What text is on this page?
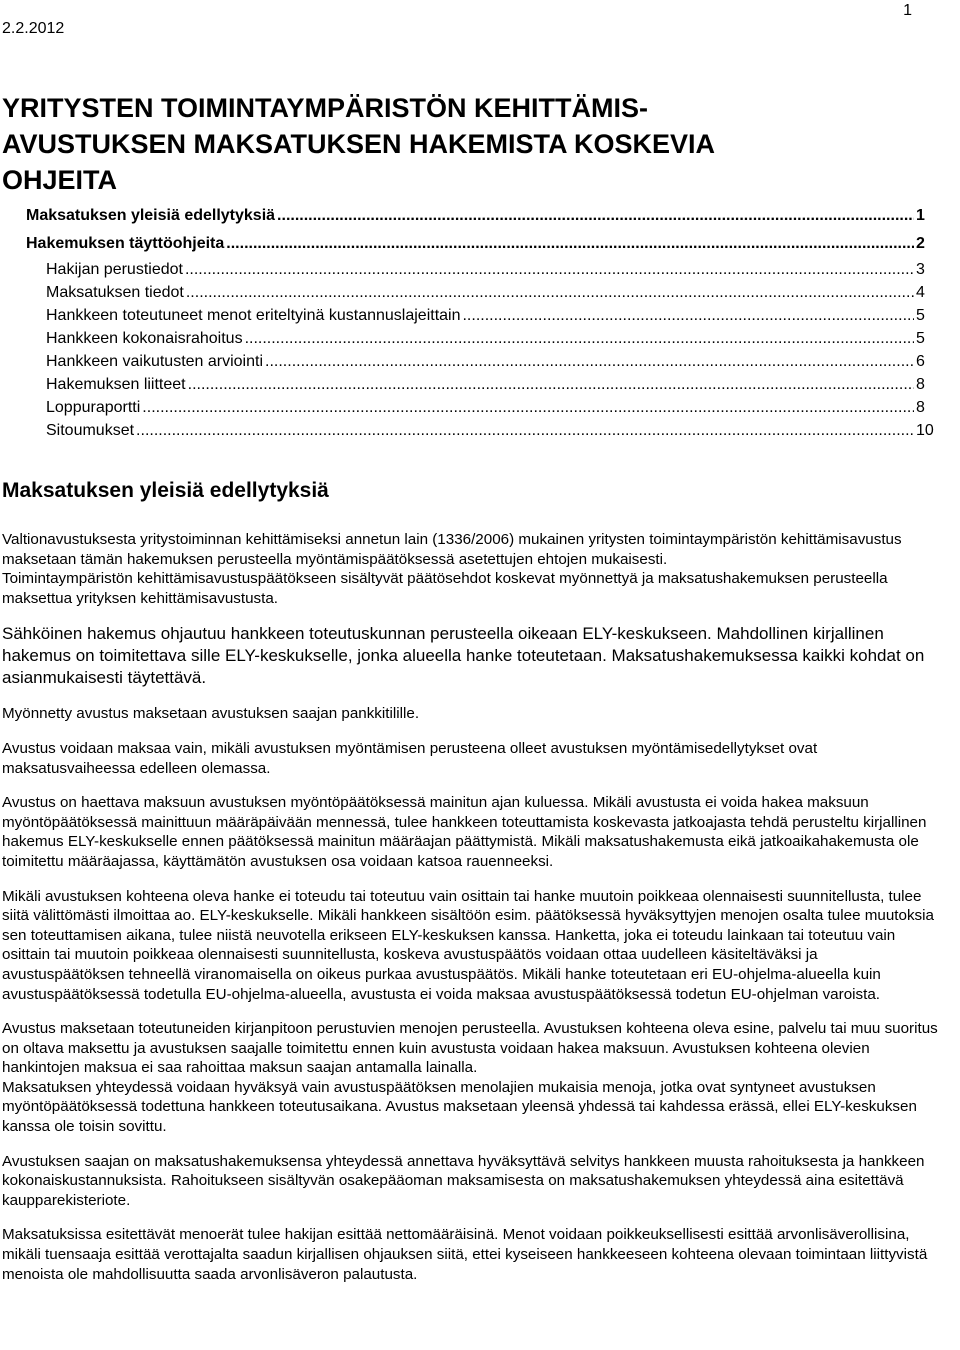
2.2.2012
1
YRITYSTEN TOIMINTAYMPÄRISTÖN KEHITTÄMIS-
AVUSTUKSEN MAKSATUKSEN HAKEMISTA KOSKEVIA
OHJEITA
Maksatuksen yleisiä edellytyksiä .....	1
Hakemuksen täyttöohjeita .....	2
Hakijan perustiedot .....	3
Maksatuksen tiedot .....	4
Hankkeen toteutuneet menot eriteltyinä kustannuslajeittain .....	5
Hankkeen kokonaisrahoitus .....	5
Hankkeen vaikutusten arviointi .....	6
Hakemuksen liitteet .....	8
Loppuraportti .....	8
Sitoumukset .....	10
Maksatuksen yleisiä edellytyksiä

Valtionavustuksesta yritystoiminnan kehittämiseksi annetun lain (1336/2006) mukainen yritysten toimintaympäristön kehittämisavustus maksetaan tämän hakemuksen perusteella myöntämispäätöksessä asetettujen ehtojen mukaisesti.

Toimintaympäristön kehittämisavustuspäätökseen sisältyvät päätösehdot koskevat myönnettyä ja maksatushakemuksen perusteella maksettua yrityksen kehittämisavustusta.

Sähköinen hakemus ohjautuu hankkeen toteutuskunnan perusteella oikeaan ELY-keskukseen. Mahdollinen kirjallinen hakemus on toimitettava sille ELY-keskukselle, jonka alueella hanke toteutetaan. Maksatushakemuksessa kaikki kohdat on asianmukaisesti täytettävä.

Myönnetty avustus maksetaan avustuksen saajan pankkitilille.

Avustus voidaan maksaa vain, mikäli avustuksen myöntämisen perusteena olleet avustuksen myöntämisedellytykset ovat maksatusvaiheessa edelleen olemassa.

Avustus on haettava maksuun avustuksen myöntöpäätöksessä mainitun ajan kuluessa. Mikäli avustusta ei voida hakea maksuun myöntöpäätöksessä mainittuun määräpäivään mennessä, tulee hankkeen toteuttamista koskevasta jatkoajasta tehdä perusteltu kirjallinen hakemus ELY-keskukselle ennen päätöksessä mainitun määräajan päättymistä. Mikäli maksatushakemusta eikä jatkoaikahakemusta ole toimitettu määräajassa, käyttämätön avustuksen osa voidaan katsoa rauenneeksi.

Mikäli avustuksen kohteena oleva hanke ei toteudu tai toteutuu vain osittain tai hanke muutoin poikkeaa olennaisesti suunnitellusta, tulee siitä välittömästi ilmoittaa ao. ELY-keskukselle. Mikäli hankkeen sisältöön esim. päätöksessä hyväksyttyjen menojen osalta tulee muutoksia sen toteuttamisen aikana, tulee niistä neuvotella erikseen ELY-keskuksen kanssa. Hanketta, joka ei toteudu lainkaan tai toteutuu vain osittain tai muutoin poikkeaa olennaisesti suunnitellusta, koskeva avustuspäätös voidaan ottaa uudelleen käsiteltäväksi ja avustuspäätöksen tehneellä viranomaisella on oikeus purkaa avustuspäätös. Mikäli hanke toteutetaan eri EU-ohjelma-alueella kuin avustuspäätöksessä todetulla EU-ohjelma-alueella, avustusta ei voida maksaa avustuspäätöksessä todetun EU-ohjelman varoista.

Avustus maksetaan toteutuneiden kirjanpitoon perustuvien menojen perusteella. Avustuksen kohteena oleva esine, palvelu tai muu suoritus on oltava maksettu ja avustuksen saajalle toimitettu ennen kuin avustusta voidaan hakea maksuun. Avustuksen kohteena olevien hankintojen maksua ei saa rahoittaa maksun saajan antamalla lainalla.

Maksatuksen yhteydessä voidaan hyväksyä vain avustuspäätöksen menolajien mukaisia menoja, jotka ovat syntyneet avustuksen myöntöpäätöksessä todettuna hankkeen toteutusaikana. Avustus maksetaan yleensä yhdessä tai kahdessa erässä, ellei ELY-keskuksen kanssa ole toisin sovittu.

Avustuksen saajan on maksatushakemuksensa yhteydessä annettava hyväksyttävä selvitys hankkeen muusta rahoituksesta ja hankkeen kokonaiskustannuksista. Rahoitukseen sisältyvän osakepääoman maksamisesta on maksatushakemuksen yhteydessä aina esitettävä kaupparekisteriote.

Maksatuksissa esitettävät menoerät tulee hakijan esittää nettomääräisinä. Menot voidaan poikkeuksellisesti esittää arvonlisäverollisina, mikäli tuensaaja esittää verottajalta saadun kirjallisen ohjauksen siitä, ettei kyseiseen hankkeeseen kohteena olevaan toimintaan liittyvistä menoista ole mahdollisuutta saada arvonlisäveron palautusta.
